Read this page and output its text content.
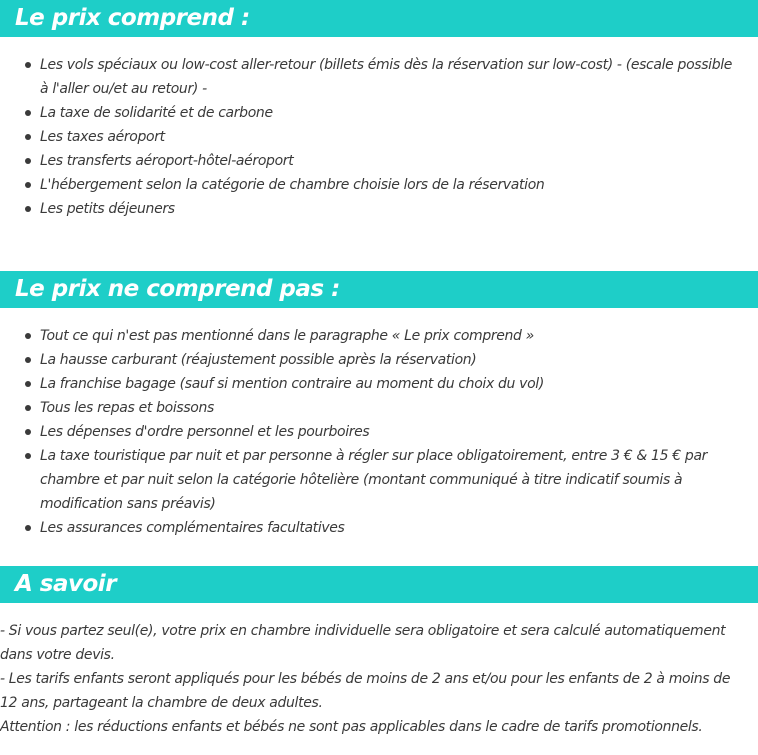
Le prix comprend :
Les vols spéciaux ou low-cost aller-retour (billets émis dès la réservation sur low-cost) - (escale possible à l'aller ou/et au retour) -
La taxe de solidarité et de carbone
Les taxes aéroport
Les transferts aéroport-hôtel-aéroport
L'hébergement selon la catégorie de chambre choisie lors de la réservation
Les petits déjeuners
Le prix ne comprend pas :
Tout ce qui n'est pas mentionné dans le paragraphe « Le prix comprend »
La hausse carburant (réajustement possible après la réservation)
La franchise bagage (sauf si mention contraire au moment du choix du vol)
Tous les repas et boissons
Les dépenses d'ordre personnel et les pourboires
La taxe touristique par nuit et par personne à régler sur place obligatoirement, entre 3 € & 15 € par chambre et par nuit selon la catégorie hôtelière (montant communiqué à titre indicatif soumis à modification sans préavis)
Les assurances complémentaires facultatives
A savoir

- Si vous partez seul(e), votre prix en chambre individuelle sera obligatoire et sera calculé automatiquement dans votre devis.

- Les tarifs enfants seront appliqués pour les bébés de moins de 2 ans et/ou pour les enfants de 2 à moins de 12 ans, partageant la chambre de deux adultes.

Attention : les réductions enfants et bébés ne sont pas applicables dans le cadre de tarifs promotionnels.
